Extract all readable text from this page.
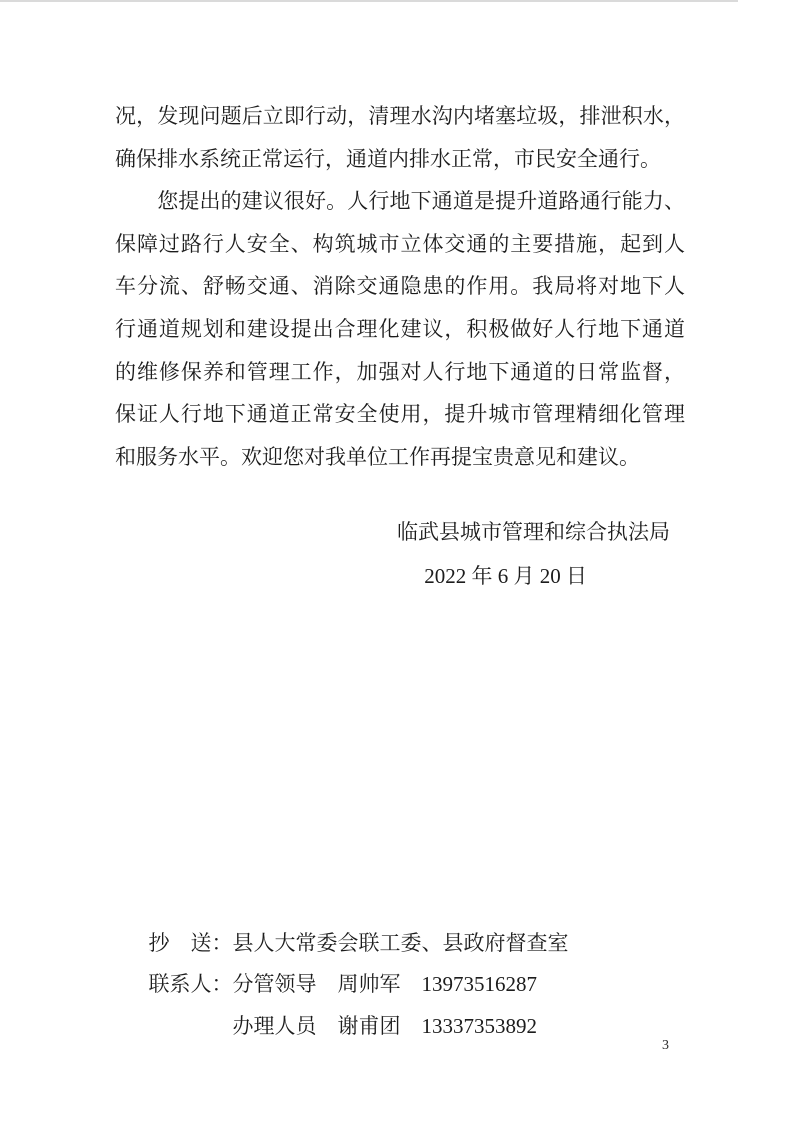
况，发现问题后立即行动，清理水沟内堵塞垃圾，排泄积水，
确保排水系统正常运行，通道内排水正常，市民安全通行。
　　您提出的建议很好。人行地下通道是提升道路通行能力、
保障过路行人安全、构筑城市立体交通的主要措施，起到人
车分流、舒畅交通、消除交通隐患的作用。我局将对地下人
行通道规划和建设提出合理化建议，积极做好人行地下通道
的维修保养和管理工作，加强对人行地下通道的日常监督，
保证人行地下通道正常安全使用，提升城市管理精细化管理
和服务水平。欢迎您对我单位工作再提宝贵意见和建议。
临武县城市管理和综合执法局
2022 年 6 月 20 日

抄　送：县人大常委会联工委、县政府督查室

联系人：分管领导 周帅军 13973516287

办理人员 谢甫团 13337353892

3
